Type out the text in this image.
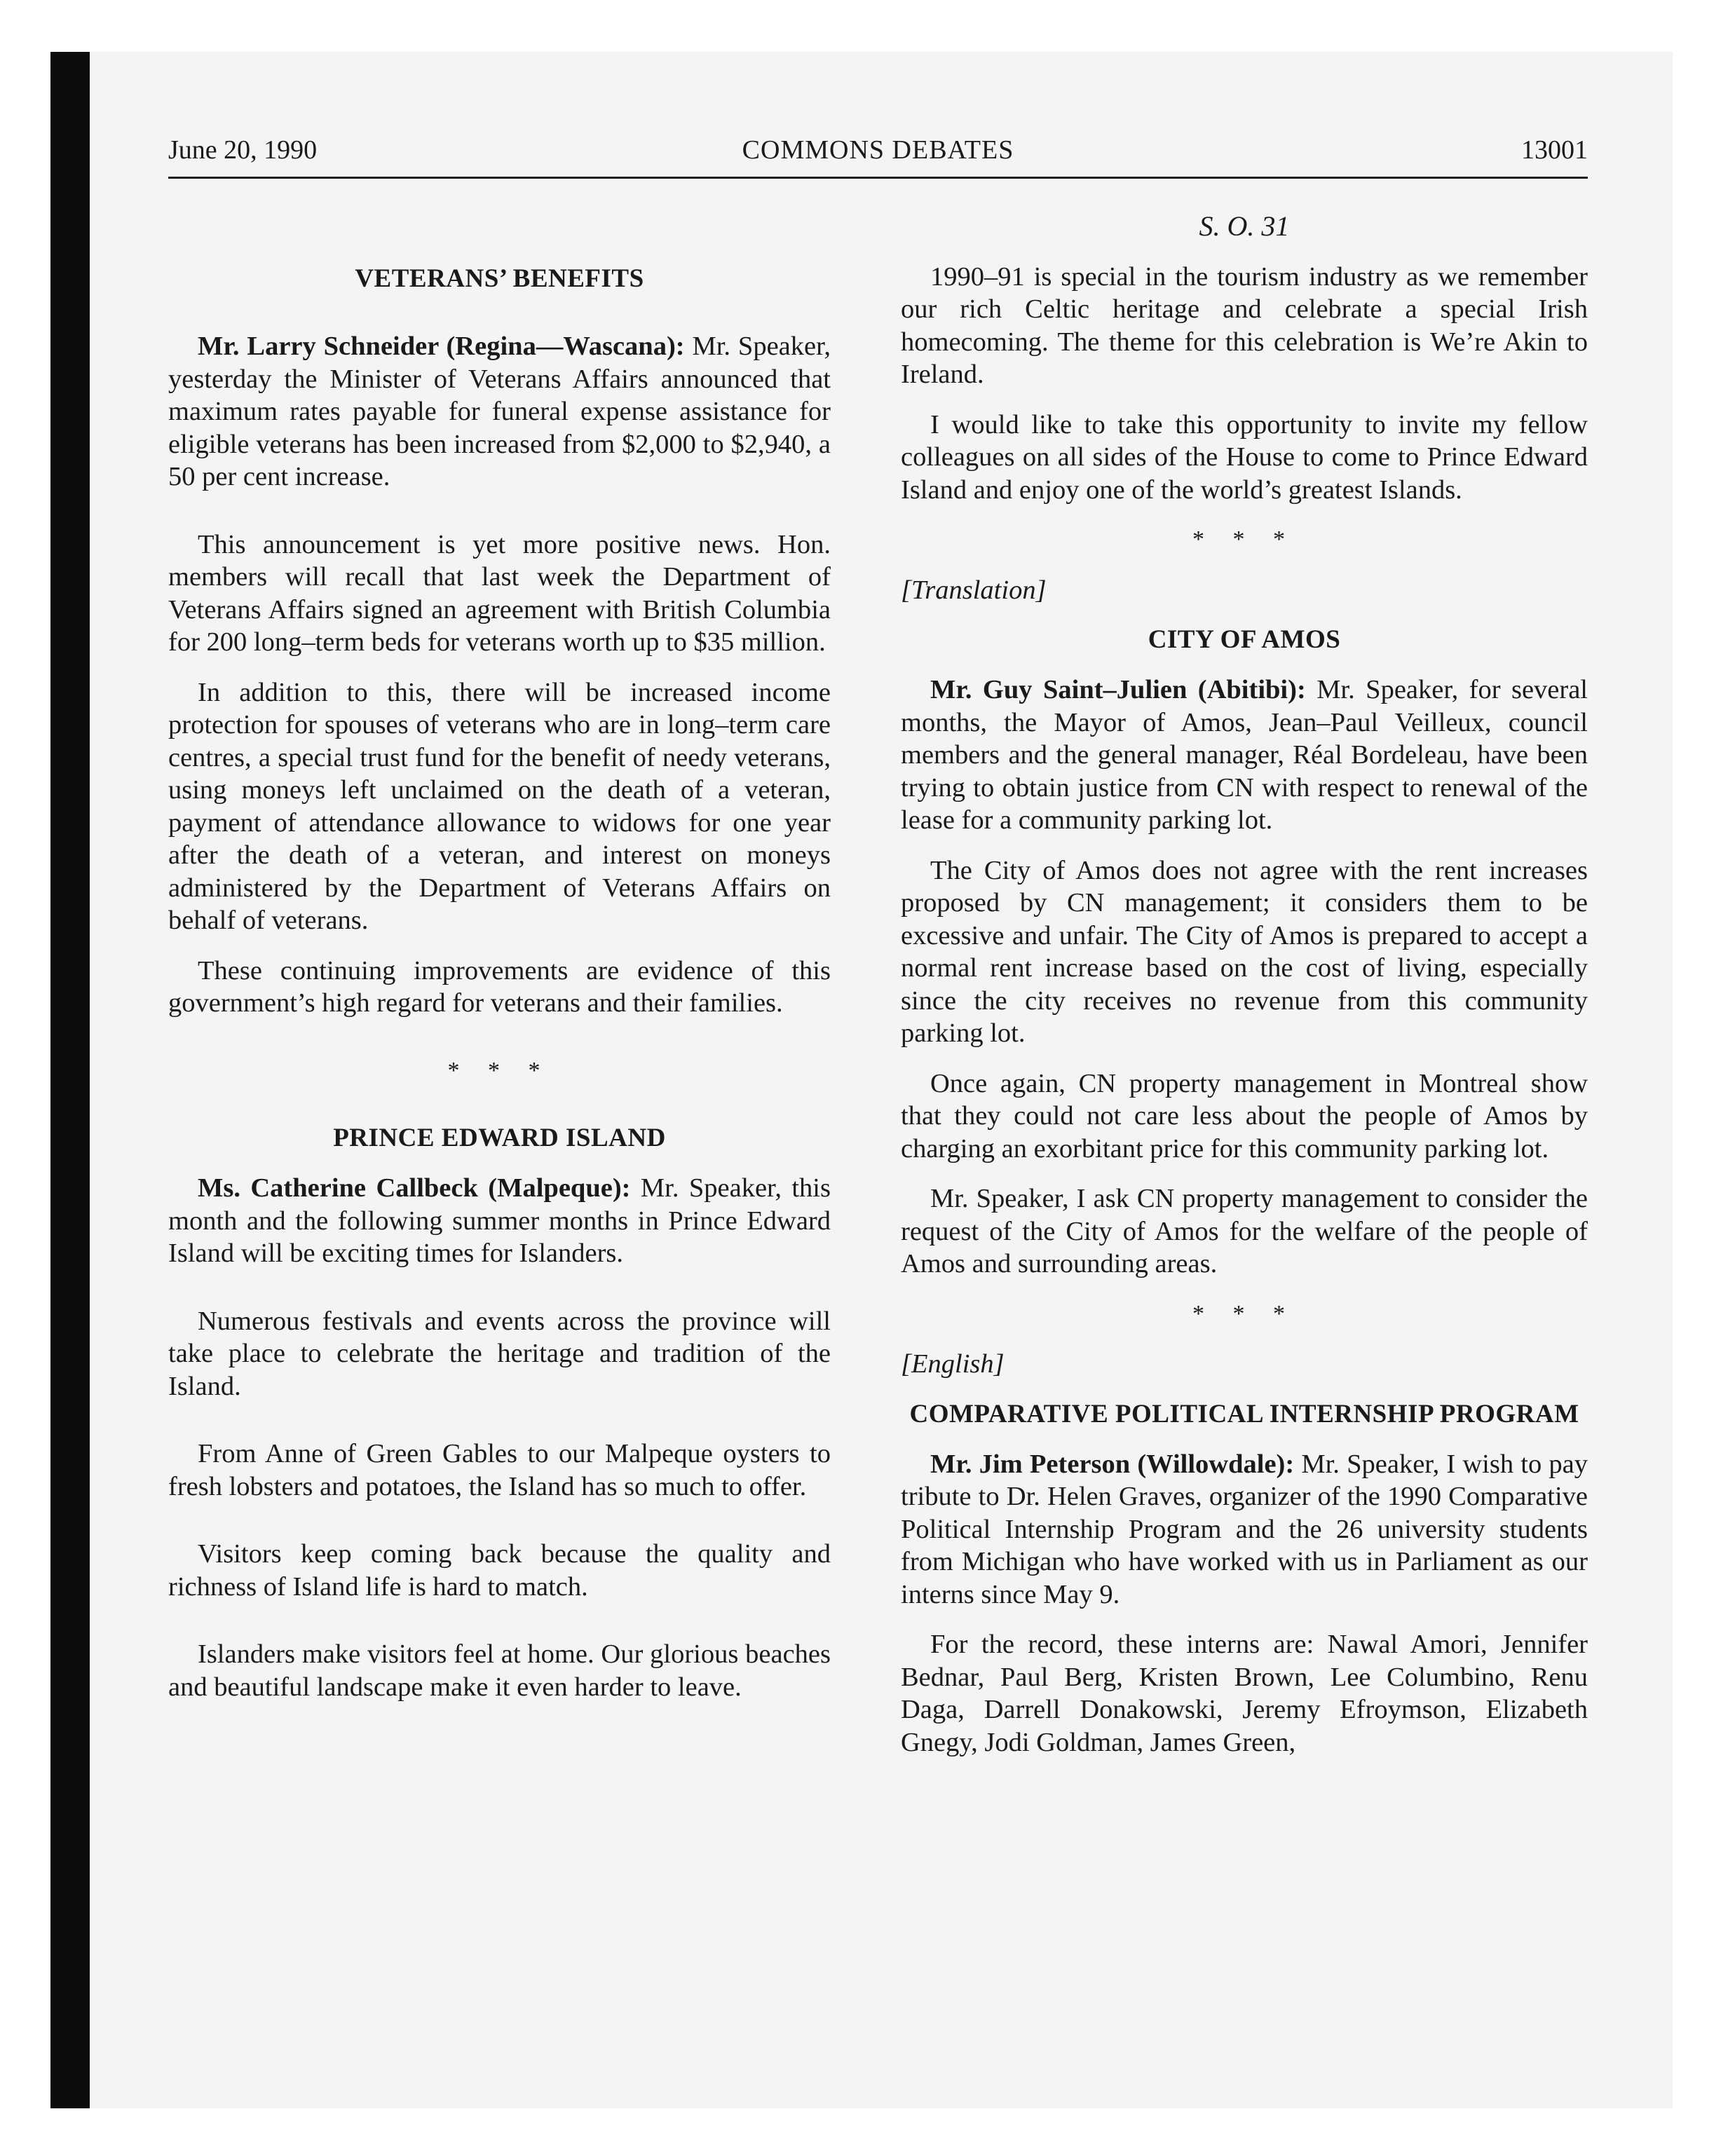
COMMONS DEBATES
June 20, 1990	13001
VETERANS’ BENEFITS

Mr. Larry Schneider (Regina—Wascana): Mr. Speaker, yesterday the Minister of Veterans Affairs announced that maximum rates payable for funeral expense assistance for eligible veterans has been increased from $2,000 to $2,940, a 50 per cent increase.

This announcement is yet more positive news. Hon. members will recall that last week the Department of Veterans Affairs signed an agreement with British Columbia for 200 long–term beds for veterans worth up to $35 million.

In addition to this, there will be increased income protection for spouses of veterans who are in long–term care centres, a special trust fund for the benefit of needy veterans, using moneys left unclaimed on the death of a veteran, payment of attendance allowance to widows for one year after the death of a veteran, and interest on moneys administered by the Department of Veterans Affairs on behalf of veterans.

These continuing improvements are evidence of this government’s high regard for veterans and their families.

* * *
PRINCE EDWARD ISLAND

Ms. Catherine Callbeck (Malpeque): Mr. Speaker, this month and the following summer months in Prince Edward Island will be exciting times for Islanders.

Numerous festivals and events across the province will take place to celebrate the heritage and tradition of the Island.

From Anne of Green Gables to our Malpeque oysters to fresh lobsters and potatoes, the Island has so much to offer.

Visitors keep coming back because the quality and richness of Island life is hard to match.

Islanders make visitors feel at home. Our glorious beaches and beautiful landscape make it even harder to leave.

S. O. 31

1990–91 is special in the tourism industry as we remember our rich Celtic heritage and celebrate a special Irish homecoming. The theme for this celebration is We’re Akin to Ireland.

I would like to take this opportunity to invite my fellow colleagues on all sides of the House to come to Prince Edward Island and enjoy one of the world’s greatest Islands.

* * *

[Translation]

CITY OF AMOS

Mr. Guy Saint–Julien (Abitibi): Mr. Speaker, for several months, the Mayor of Amos, Jean–Paul Veilleux, council members and the general manager, Réal Bordeleau, have been trying to obtain justice from CN with respect to renewal of the lease for a community parking lot.

The City of Amos does not agree with the rent increases proposed by CN management; it considers them to be excessive and unfair. The City of Amos is prepared to accept a normal rent increase based on the cost of living, especially since the city receives no revenue from this community parking lot.

Once again, CN property management in Montreal show that they could not care less about the people of Amos by charging an exorbitant price for this community parking lot.

Mr. Speaker, I ask CN property management to consider the request of the City of Amos for the welfare of the people of Amos and surrounding areas.

* * *

[English]

COMPARATIVE POLITICAL INTERNSHIP PROGRAM

Mr. Jim Peterson (Willowdale): Mr. Speaker, I wish to pay tribute to Dr. Helen Graves, organizer of the 1990 Comparative Political Internship Program and the 26 university students from Michigan who have worked with us in Parliament as our interns since May 9.

For the record, these interns are: Nawal Amori, Jennifer Bednar, Paul Berg, Kristen Brown, Lee Columbino, Renu Daga, Darrell Donakowski, Jeremy Efroymson, Elizabeth Gnegy, Jodi Goldman, James Green,
